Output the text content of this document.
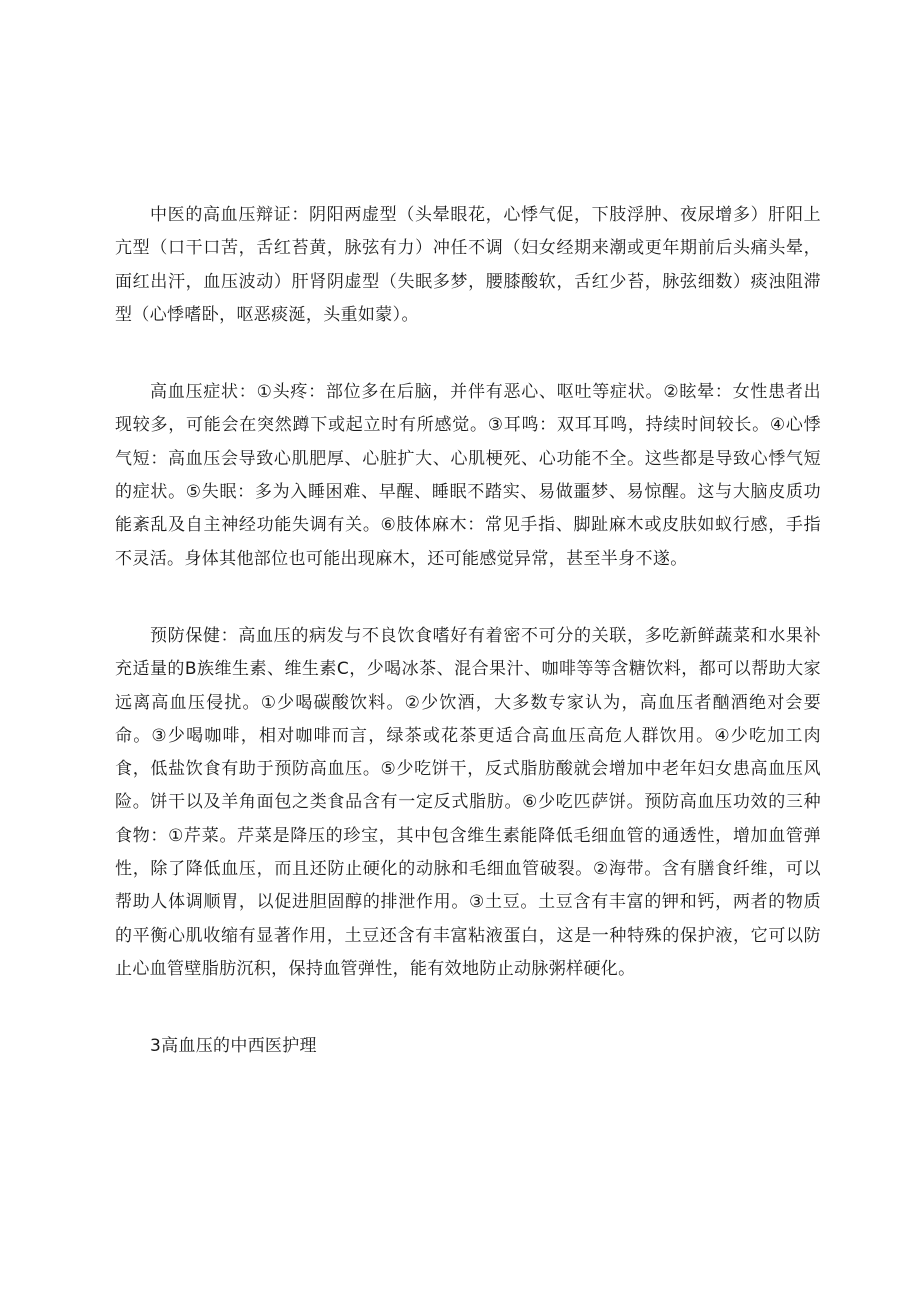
中医的高血压辩证：阴阳两虚型（头晕眼花，心悸气促，下肢浮肿、夜尿增多）肝阳上亢型（口干口苦，舌红苔黄，脉弦有力）冲任不调（妇女经期来潮或更年期前后头痛头晕，面红出汗，血压波动）肝肾阴虚型（失眠多梦，腰膝酸软，舌红少苔，脉弦细数）痰浊阻滞型（心悸嗜卧，呕恶痰涎，头重如蒙）。

高血压症状：①头疼：部位多在后脑，并伴有恶心、呕吐等症状。②眩晕：女性患者出现较多，可能会在突然蹲下或起立时有所感觉。③耳鸣：双耳耳鸣，持续时间较长。④心悸气短：高血压会导致心肌肥厚、心脏扩大、心肌梗死、心功能不全。这些都是导致心悸气短的症状。⑤失眠：多为入睡困难、早醒、睡眠不踏实、易做噩梦、易惊醒。这与大脑皮质功能紊乱及自主神经功能失调有关。⑥肢体麻木：常见手指、脚趾麻木或皮肤如蚁行感，手指不灵活。身体其他部位也可能出现麻木，还可能感觉异常，甚至半身不遂。

预防保健：高血压的病发与不良饮食嗜好有着密不可分的关联，多吃新鲜蔬菜和水果补充适量的B族维生素、维生素C，少喝冰茶、混合果汁、咖啡等等含糖饮料，都可以帮助大家远离高血压侵扰。①少喝碳酸饮料。②少饮酒，大多数专家认为，高血压者酗酒绝对会要命。③少喝咖啡，相对咖啡而言，绿茶或花茶更适合高血压高危人群饮用。④少吃加工肉食，低盐饮食有助于预防高血压。⑤少吃饼干，反式脂肪酸就会增加中老年妇女患高血压风险。饼干以及羊角面包之类食品含有一定反式脂肪。⑥少吃匹萨饼。预防高血压功效的三种食物：①芹菜。芹菜是降压的珍宝，其中包含维生素能降低毛细血管的通透性，增加血管弹性，除了降低血压，而且还防止硬化的动脉和毛细血管破裂。②海带。含有膳食纤维，可以帮助人体调顺胃，以促进胆固醇的排泄作用。③土豆。土豆含有丰富的钾和钙，两者的物质的平衡心肌收缩有显著作用，土豆还含有丰富粘液蛋白，这是一种特殊的保护液，它可以防止心血管壁脂肪沉积，保持血管弹性，能有效地防止动脉粥样硬化。

3高血压的中西医护理
